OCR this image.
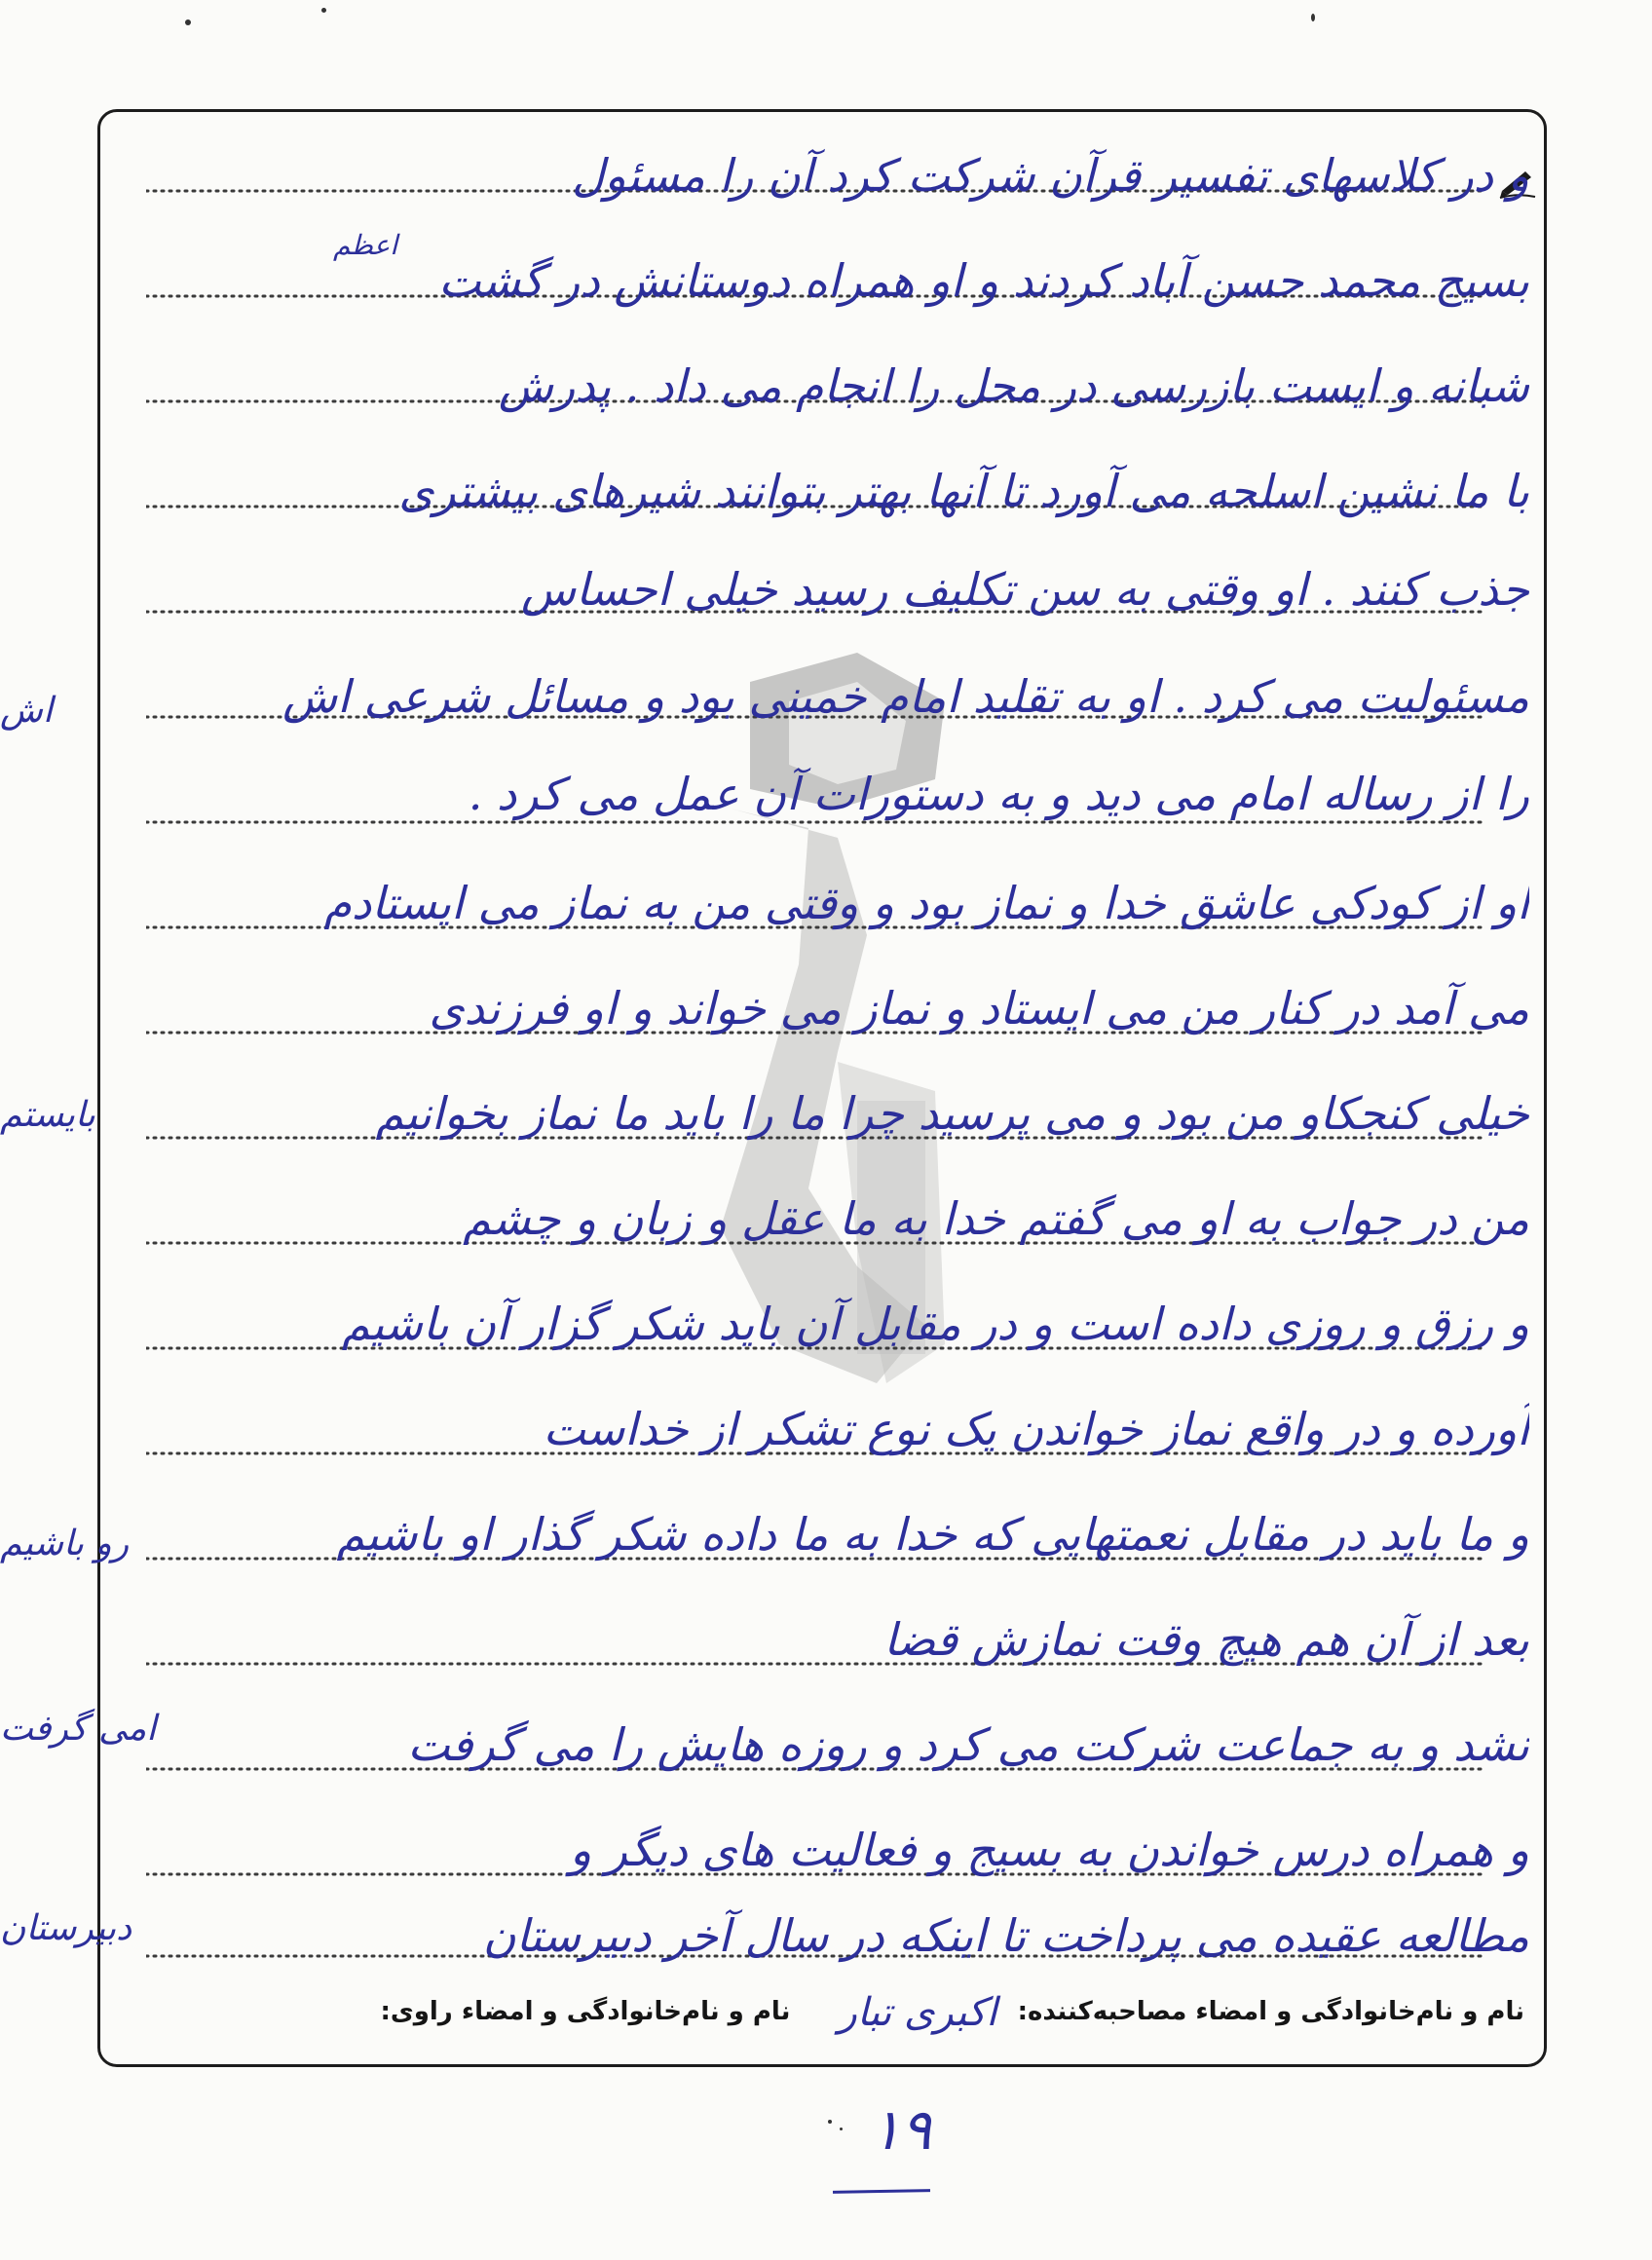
و در کلاسهای تفسیر قرآن شرکت کرد آن را مسئول
اعظم
بسیج محمد حسن آباد کردند و او همراه دوستانش در گشت
شبانه و ایست بازرسی در محل را انجام می داد . پدرش
با ما نشین اسلحه می آورد تا آنها بهتر بتوانند شیرهای بیشتری
جذب کنند . او وقتی به سن تکلیف رسید خیلی احساس
مسئولیت می کرد . او به تقلید امام خمینی بود و مسائل شرعی اش
را از رساله امام می دید و به دستورات آن عمل می کرد .
او از کودکی عاشق خدا و نماز بود و وقتی من به نماز می ایستادم
می آمد در کنار من می ایستاد و نماز می خواند و او فرزندی
خیلی کنجکاو من بود و می پرسید چرا ما را باید ما نماز بخوانیم
من در جواب به او می گفتم خدا به ما عقل و زبان و چشم
و رزق و روزی داده است و در مقابل آن باید شکر گزار آن باشیم
آورده و در واقع نماز خواندن یک نوع تشکر از خداست
و ما باید در مقابل نعمتهایی که خدا به ما داده شکر گذار او باشیم
بعد از آن هم هیچ وقت نمازش قضا
نشد و به جماعت شرکت می کرد و روزه هایش را می گرفت
و همراه درس خواندن به بسیج و فعالیت های دیگر و
مطالعه عقیده می پرداخت تا اینکه در سال آخر دبیرستان
اش
بایستم
رو باشیم
امی گرفت
دبیرستان
نام و نام‌خانوادگی و امضاء مصاحبه‌کننده: اکبری تبار نام و نام‌خانوادگی و امضاء راوی:
۱۹
